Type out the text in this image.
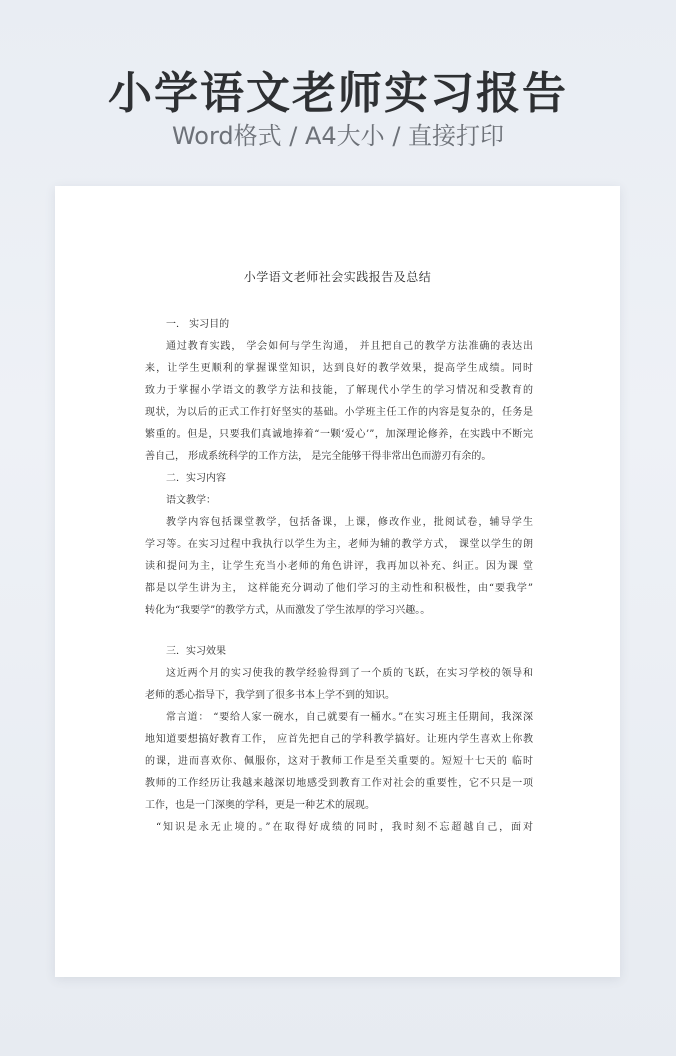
小学语文老师实习报告
Word格式 / A4大小 / 直接打印
小学语文老师社会实践报告及总结
一． 实习目的
通过教育实践， 学会如何与学生沟通， 并且把自己的教学方法准确的表达出
来，让学生更顺利的掌握课堂知识，达到良好的教学效果，提高学生成绩。同时
致力于掌握小学语文的教学方法和技能，了解现代小学生的学习情况和受教育的
现状，为以后的正式工作打好坚实的基础。小学班主任工作的内容是复杂的，任务是
繁重的。但是，只要我们真诚地捧着“一颗‘爱心’”，加深理论修养，在实践中不断完
善自己， 形成系统科学的工作方法， 是完全能够干得非常出色而游刃有余的。
二．实习内容
语文教学：
教学内容包括课堂教学，包括备课，上课，修改作业，批阅试卷，辅导学生
学习等。在实习过程中我执行以学生为主，老师为辅的教学方式， 课堂以学生的朗
读和提问为主，让学生充当小老师的角色讲评，我再加以补充、纠正。因为课 堂
都是以学生讲为主， 这样能充分调动了他们学习的主动性和积极性，由“要我学”
转化为“我要学”的教学方式，从而激发了学生浓厚的学习兴趣。。
三．实习效果
这近两个月的实习使我的教学经验得到了一个质的飞跃，在实习学校的领导和
老师的悉心指导下，我学到了很多书本上学不到的知识。
常言道： “要给人家一碗水，自己就要有一桶水。”在实习班主任期间，我深深
地知道要想搞好教育工作， 应首先把自己的学科教学搞好。让班内学生喜欢上你教
的课，进而喜欢你、佩服你，这对于教师工作是至关重要的。短短十七天的 临时
教师的工作经历让我越来越深切地感受到教育工作对社会的重要性，它不只是一项
工作，也是一门深奥的学科，更是一种艺术的展现。
“知识是永无止境的。”在取得好成绩的同时，我时刻不忘超越自己，面对
